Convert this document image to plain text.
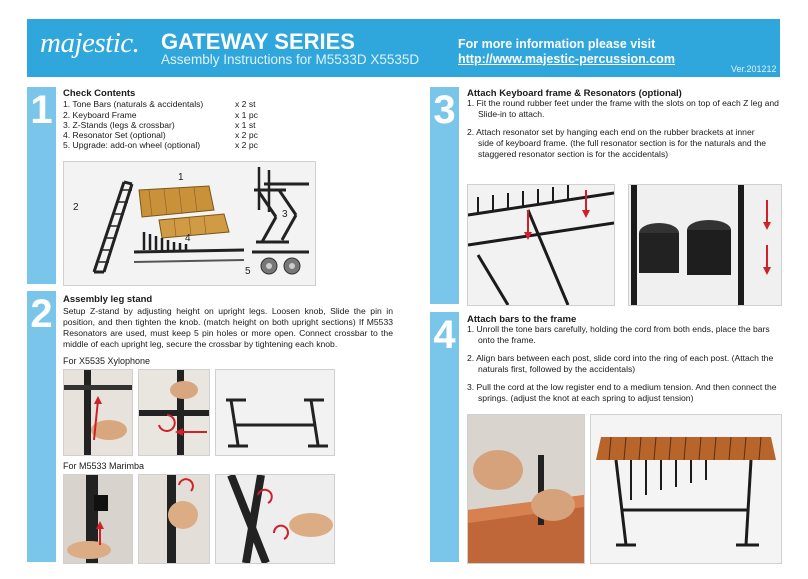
majestic. GATEWAY SERIES
Assembly Instructions for M5533D X5535D
For more information please visit
http://www.majestic-percussion.com
Ver.201212
1	Check Contents
1. Tone Bars (naturals & accidentals)	x 2 st
2. Keyboard Frame	x 1 pc
3. Z-Stands (legs & crossbar)	x 1 st
4. Resonator Set (optional)	x 2 pc
5. Upgrade: add-on wheel (optional)	x 2 pc
1
2
3
4
5
2	Assembly leg stand
Setup Z-stand by adjusting height on upright legs. Loosen knob, Slide the pin in position, and then tighten the knob. (match height on both upright sections) If M5533 Resonators are used, must keep 5 pin holes or more open. Connect crossbar to the middle of each upright leg, secure the crossbar by tightening each knob.
For X5535 Xylophone
For M5533 Marimba
3	Attach Keyboard frame & Resonators (optional)
1. Fit the round rubber feet under the frame with the slots on top of each Z leg and
Slide-in to attach.
2. Attach resonator set by hanging each end on the rubber brackets at inner
side of keyboard frame. (the full resonator section is for the naturals and the
staggered resonator section is for the accidentals)
4	Attach bars to the frame
1. Unroll the tone bars carefully, holding the cord from both ends, place the bars
onto the frame.
2. Align bars between each post, slide cord into the ring of each post. (Attach the
naturals first, followed by the accidentals)
3. Pull the cord at the low register end to a medium tension. And then connect the
springs. (adjust the knot at each spring to adjust tension)
